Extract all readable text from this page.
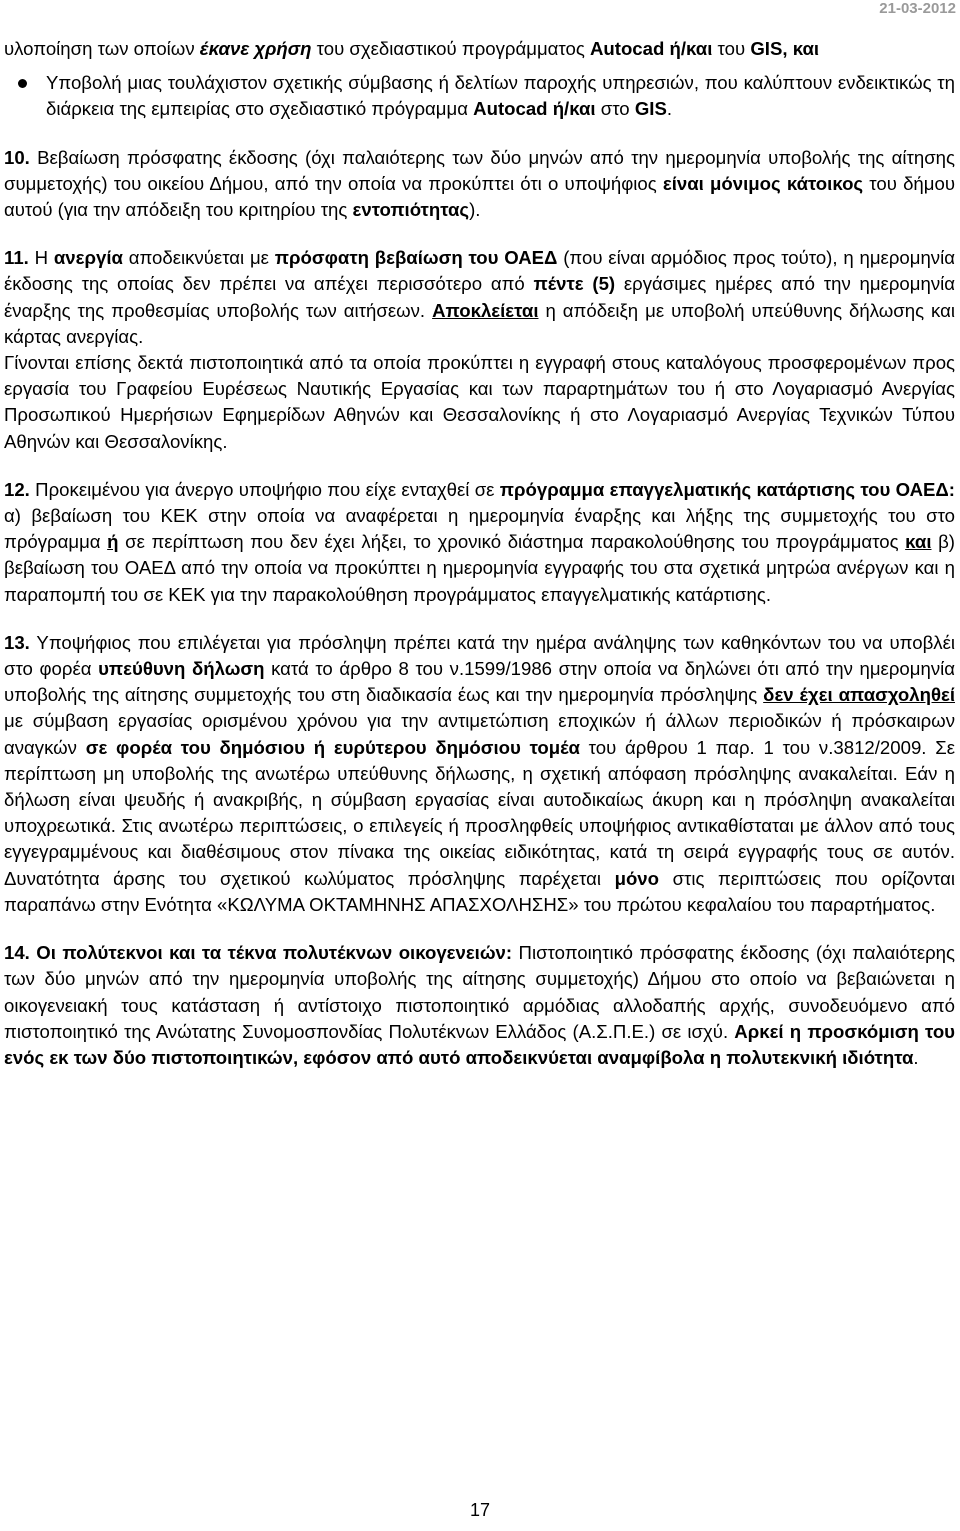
21-03-2012

υλοποίηση των οποίων έκανε χρήση του σχεδιαστικού προγράμματος Autocad ή/και του GIS, και

Υποβολή μιας τουλάχιστον σχετικής σύμβασης ή δελτίων παροχής υπηρεσιών, που καλύπτουν ενδεικτικώς τη διάρκεια της εμπειρίας στο σχεδιαστικό πρόγραμμα Autocad ή/και στο GIS.

10. Βεβαίωση πρόσφατης έκδοσης (όχι παλαιότερης των δύο μηνών από την ημερομηνία υποβολής της αίτησης συμμετοχής) του οικείου Δήμου, από την οποία να προκύπτει ότι ο υποψήφιος είναι μόνιμος κάτοικος του δήμου αυτού (για την απόδειξη του κριτηρίου της εντοπιότητας).

11. Η ανεργία αποδεικνύεται με πρόσφατη βεβαίωση του ΟΑΕΔ (που είναι αρμόδιος προς τούτο), η ημερομηνία έκδοσης της οποίας δεν πρέπει να απέχει περισσότερο από πέντε (5) εργάσιμες ημέρες από την ημερομηνία έναρξης της προθεσμίας υποβολής των αιτήσεων. Αποκλείεται η απόδειξη με υποβολή υπεύθυνης δήλωσης και κάρτας ανεργίας.

Γίνονται επίσης δεκτά πιστοποιητικά από τα οποία προκύπτει η εγγραφή στους καταλόγους προσφερομένων προς εργασία του Γραφείου Ευρέσεως Ναυτικής Εργασίας και των παραρτημάτων του ή στο Λογαριασμό Ανεργίας Προσωπικού Ημερήσιων Εφημερίδων Αθηνών και Θεσσαλονίκης ή στο Λογαριασμό Ανεργίας Τεχνικών Τύπου Αθηνών και Θεσσαλονίκης.

12. Προκειμένου για άνεργο υποψήφιο που είχε ενταχθεί σε πρόγραμμα επαγγελματικής κατάρτισης του ΟΑΕΔ: α) βεβαίωση του ΚΕΚ στην οποία να αναφέρεται η ημερομηνία έναρξης και λήξης της συμμετοχής του στο πρόγραμμα ή σε περίπτωση που δεν έχει λήξει, το χρονικό διάστημα παρακολούθησης του προγράμματος και β) βεβαίωση του ΟΑΕΔ από την οποία να προκύπτει η ημερομηνία εγγραφής του στα σχετικά μητρώα ανέργων και η παραπομπή του σε ΚΕΚ για την παρακολούθηση προγράμματος επαγγελματικής κατάρτισης.

13. Υποψήφιος που επιλέγεται για πρόσληψη πρέπει κατά την ημέρα ανάληψης των καθηκόντων του να υποβλέι στο φορέα υπεύθυνη δήλωση κατά το άρθρο 8 του ν.1599/1986 στην οποία να δηλώνει ότι από την ημερομηνία υποβολής της αίτησης συμμετοχής του στη διαδικασία έως και την ημερομηνία πρόσληψης δεν έχει απασχοληθεί με σύμβαση εργασίας ορισμένου χρόνου για την αντιμετώπιση εποχικών ή άλλων περιοδικών ή πρόσκαιρων αναγκών σε φορέα του δημόσιου ή ευρύτερου δημόσιου τομέα του άρθρου 1 παρ. 1 του ν.3812/2009. Σε περίπτωση μη υποβολής της ανωτέρω υπεύθυνης δήλωσης, η σχετική απόφαση πρόσληψης ανακαλείται. Εάν η δήλωση είναι ψευδής ή ανακριβής, η σύμβαση εργασίας είναι αυτοδικαίως άκυρη και η πρόσληψη ανακαλείται υποχρεωτικά. Στις ανωτέρω περιπτώσεις, ο επιλεγείς ή προσληφθείς υποψήφιος αντικαθίσταται με άλλον από τους εγγεγραμμένους και διαθέσιμους στον πίνακα της οικείας ειδικότητας, κατά τη σειρά εγγραφής τους σε αυτόν. Δυνατότητα άρσης του σχετικού κωλύματος πρόσληψης παρέχεται μόνο στις περιπτώσεις που ορίζονται παραπάνω στην Ενότητα «ΚΩΛΥΜΑ ΟΚΤΑΜΗΝΗΣ ΑΠΑΣΧΟΛΗΣΗΣ» του πρώτου κεφαλαίου του παραρτήματος.

14. Οι πολύτεκνοι και τα τέκνα πολυτέκνων οικογενειών: Πιστοποιητικό πρόσφατης έκδοσης (όχι παλαιότερης των δύο μηνών από την ημερομηνία υποβολής της αίτησης συμμετοχής) Δήμου στο οποίο να βεβαιώνεται η οικογενειακή τους κατάσταση ή αντίστοιχο πιστοποιητικό αρμόδιας αλλοδαπής αρχής, συνοδευόμενο από πιστοποιητικό της Ανώτατης Συνομοσπονδίας Πολυτέκνων Ελλάδος (Α.Σ.Π.Ε.) σε ισχύ. Αρκεί η προσκόμιση του ενός εκ των δύο πιστοποιητικών, εφόσον από αυτό αποδεικνύεται αναμφίβολα η πολυτεκνική ιδιότητα.

17
